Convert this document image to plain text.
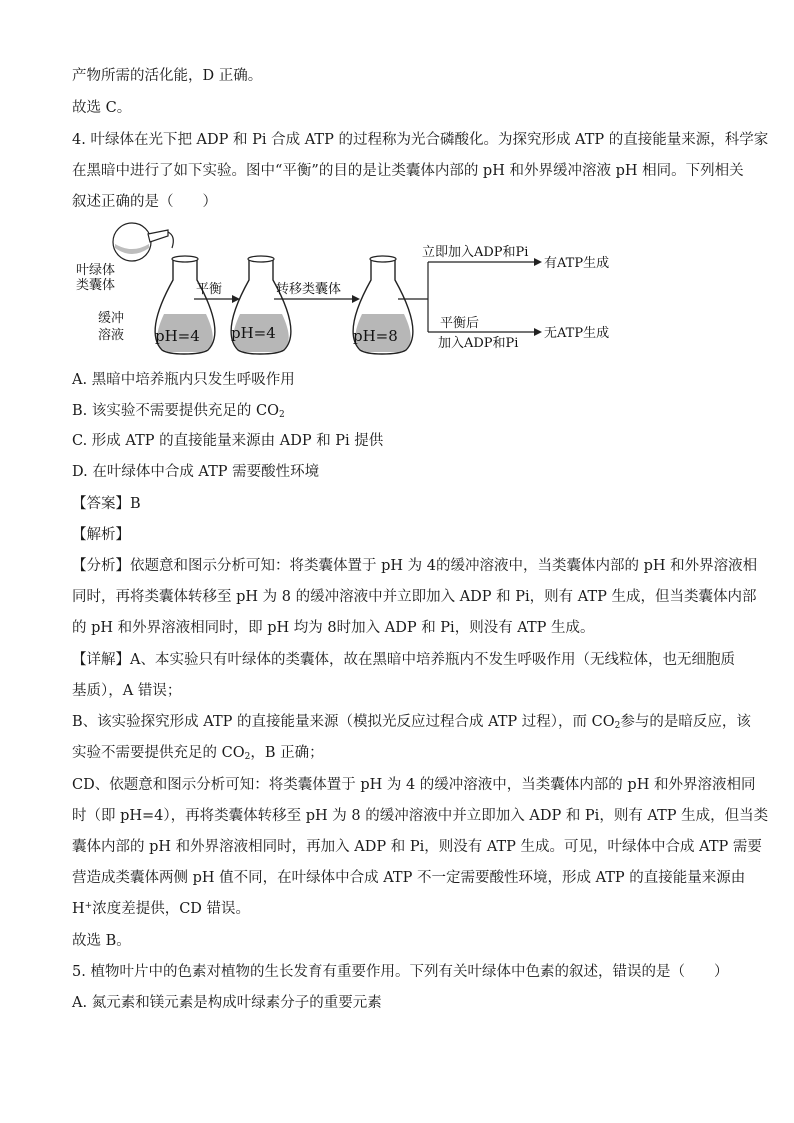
产物所需的活化能，D 正确。
故选 C。
4. 叶绿体在光下把 ADP 和 Pi 合成 ATP 的过程称为光合磷酸化。为探究形成 ATP 的直接能量来源，科学家
在黑暗中进行了如下实验。图中“平衡”的目的是让类囊体内部的 pH 和外界缓冲溶液 pH 相同。下列相关
叙述正确的是（　　）
叶绿体
类囊体
缓冲
溶液 pH=4
平衡
pH=4
转移类囊体
pH=8
立即加入ADP和Pi
有ATP生成
平衡后
加入ADP和Pi
无ATP生成
A. 黑暗中培养瓶内只发生呼吸作用
B. 该实验不需要提供充足的 $CO_2$
C. 形成 ATP 的直接能量来源由 ADP 和 Pi 提供
D. 在叶绿体中合成 ATP 需要酸性环境
【答案】B
【解析】
【分析】依题意和图示分析可知：将类囊体置于 pH 为 4的缓冲溶液中，当类囊体内部的 pH 和外界溶液相
同时，再将类囊体转移至 pH 为 8 的缓冲溶液中并立即加入 ADP 和 Pi，则有 ATP 生成，但当类囊体内部
的 pH 和外界溶液相同时，即 pH 均为 8时加入 ADP 和 Pi，则没有 ATP 生成。
【详解】A、本实验只有叶绿体的类囊体，故在黑暗中培养瓶内不发生呼吸作用（无线粒体，也无细胞质
基质），A 错误；
B、该实验探究形成 ATP 的直接能量来源（模拟光反应过程合成 ATP 过程），而 $CO_2$参与的是暗反应，该
实验不需要提供充足的 $CO_2$，B 正确；
CD、依题意和图示分析可知：将类囊体置于 pH 为 4 的缓冲溶液中，当类囊体内部的 pH 和外界溶液相同
时（即 pH=4），再将类囊体转移至 pH 为 8 的缓冲溶液中并立即加入 ADP 和 Pi，则有 ATP 生成，但当类
囊体内部的 pH 和外界溶液相同时，再加入 ADP 和 Pi，则没有 ATP 生成。可见，叶绿体中合成 ATP 需要
营造成类囊体两侧 pH 值不同，在叶绿体中合成 ATP 不一定需要酸性环境，形成 ATP 的直接能量来源由
H+浓度差提供，CD 错误。
故选 B。
5. 植物叶片中的色素对植物的生长发育有重要作用。下列有关叶绿体中色素的叙述，错误的是（　　）
A. 氮元素和镁元素是构成叶绿素分子的重要元素
